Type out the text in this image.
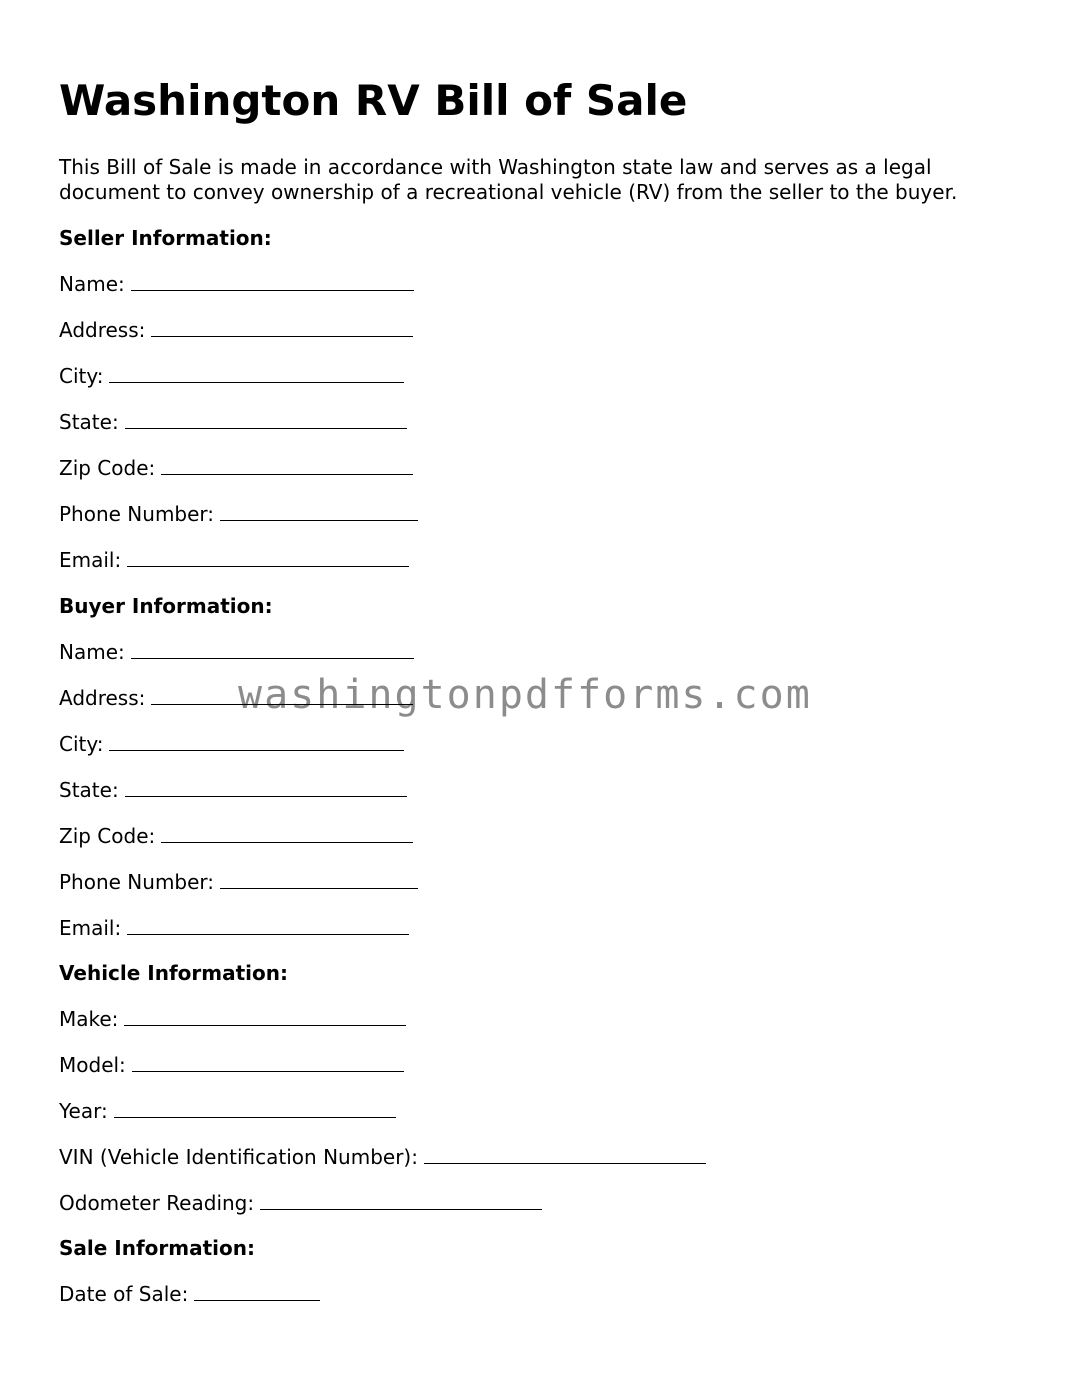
Washington RV Bill of Sale

This Bill of Sale is made in accordance with Washington state law and serves as a legal document to convey ownership of a recreational vehicle (RV) from the seller to the buyer.

Seller Information:
Name:
Address:
City:
State:
Zip Code:
Phone Number:
Email:
Buyer Information:
Name:
Address:
City:
State:
Zip Code:
Phone Number:
Email:
Vehicle Information:
Make:
Model:
Year:
VIN (Vehicle Identification Number):
Odometer Reading:
Sale Information:
Date of Sale:
washingtonpdfforms.com
